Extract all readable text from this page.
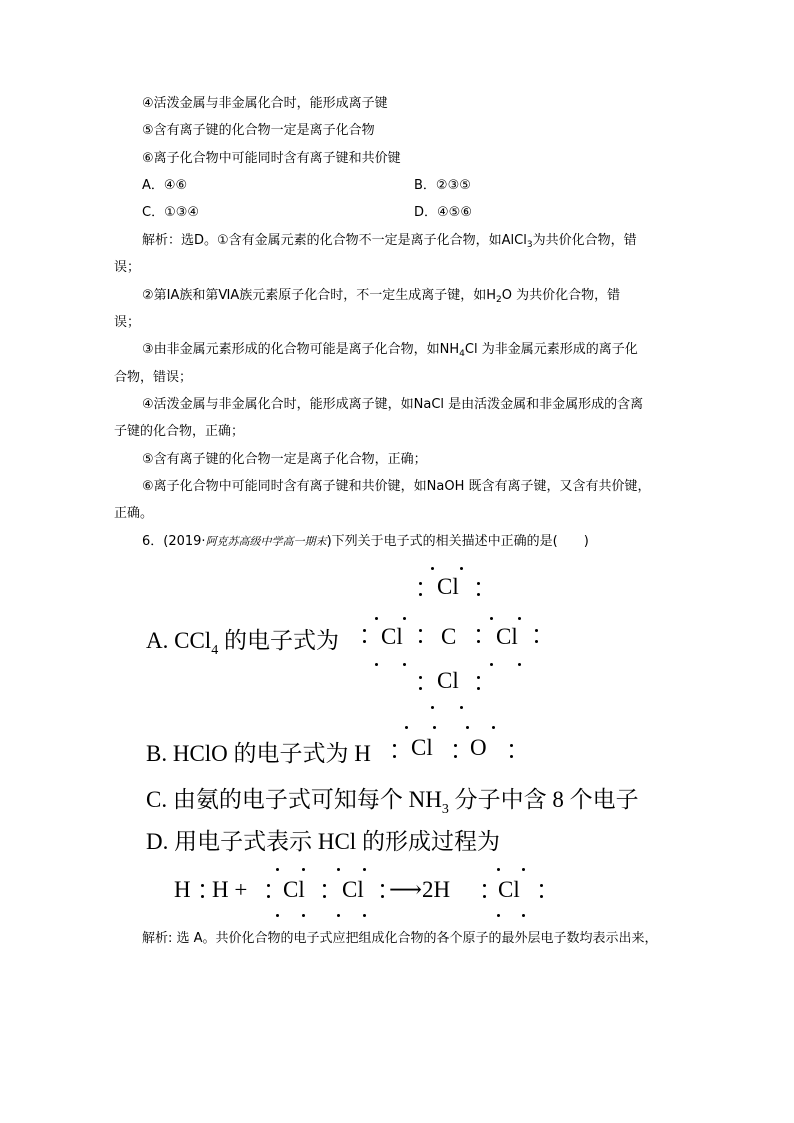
④活泼金属与非金属化合时，能形成离子键
⑤含有离子键的化合物一定是离子化合物
⑥离子化合物中可能同时含有离子键和共价键
A．④⑥	B．②③⑤
C．①③④	D．④⑤⑥
解析：选D。①含有金属元素的化合物不一定是离子化合物，如AlCl$_3$为共价化合物，错
误；
②第ⅠA族和第ⅥA族元素原子化合时，不一定生成离子键，如$H_2O$ 为共价化合物，错
误；
③由非金属元素形成的化合物可能是离子化合物，如$NH_4Cl$ 为非金属元素形成的离子化
合物，错误；
④活泼金属与非金属化合时，能形成离子键，如NaCl 是由活泼金属和非金属形成的含离
子键的化合物，正确；
⑤含有离子键的化合物一定是离子化合物，正确；
⑥离子化合物中可能同时含有离子键和共价键，如NaOH 既含有离子键，又含有共价键，
正确。
6．(2019·阿克苏高级中学高一期末)下列关于电子式的相关描述中正确的是(　　)
A. CCl$_4$ 的电子式为
Cl
Cl C Cl
Cl
B. HClO 的电子式为 H Cl O
C. 由氨的电子式可知每个 $NH_3$ 分子中含 8 个电子
D. 用电子式表示 HCl 的形成过程为
H H + Cl Cl ⟶2H Cl
解析: 选 A。共价化合物的电子式应把组成化合物的各个原子的最外层电子数均表示出来，
